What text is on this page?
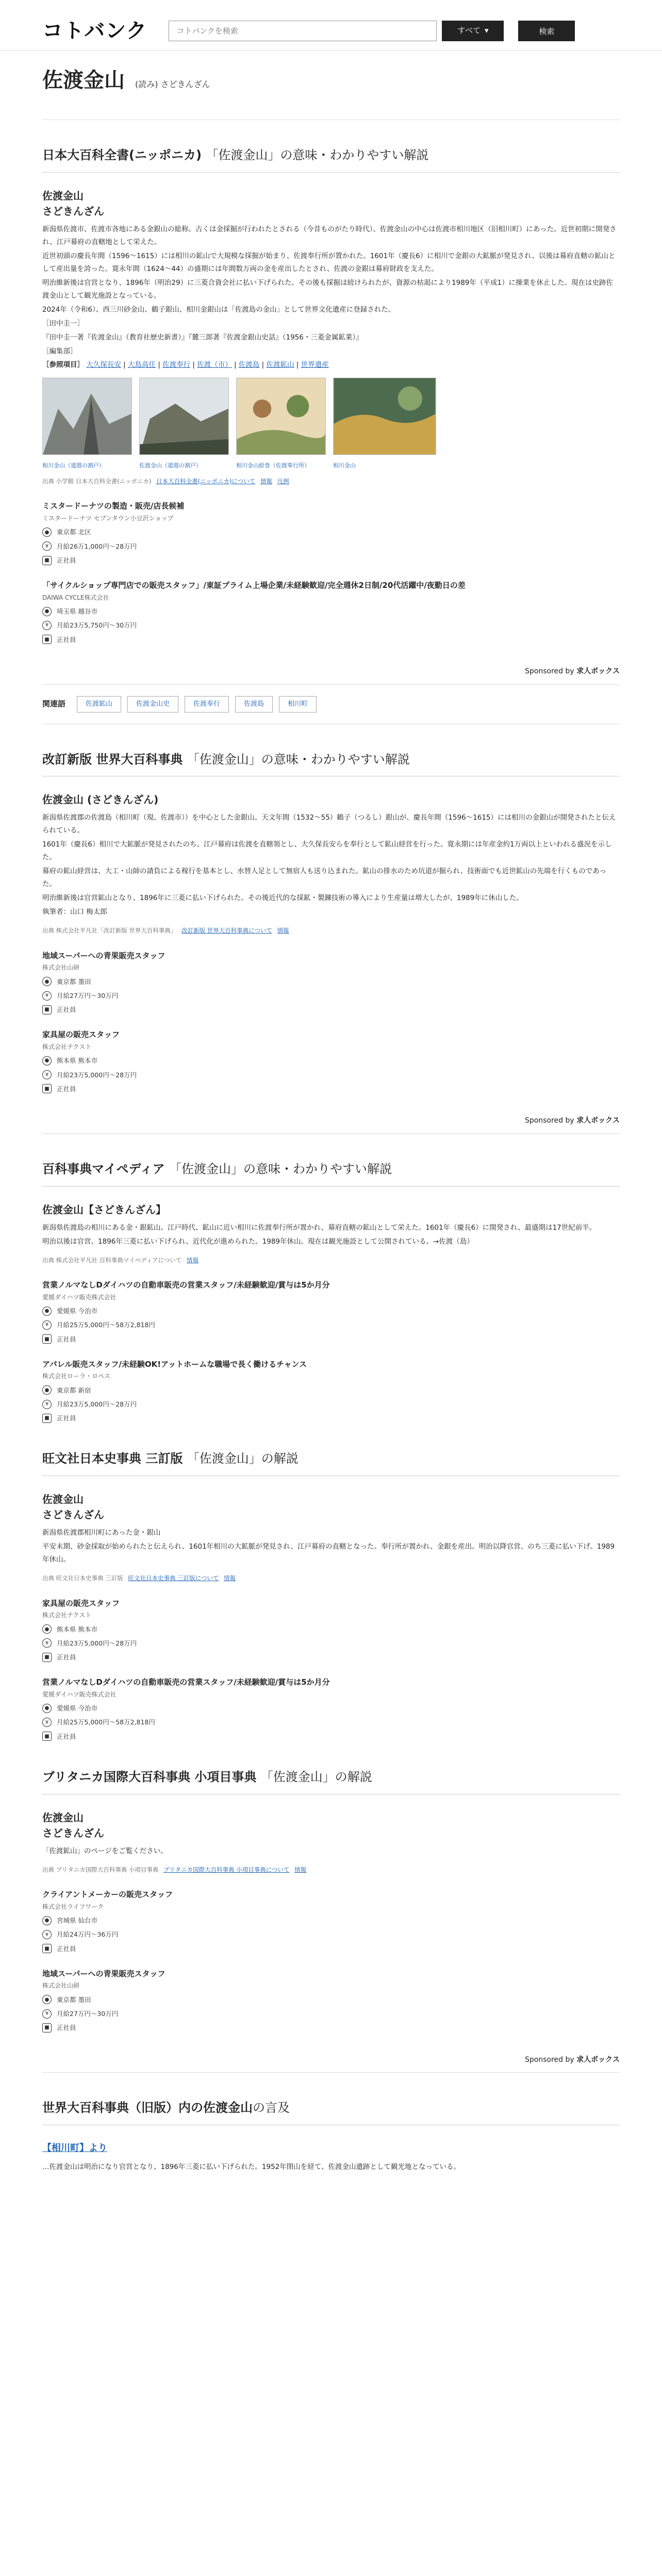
コトバンク
コトバンクを検索	すべて ▾	検索
佐渡金山 (読み) さどきんざん
日本大百科全書(ニッポニカ) 「佐渡金山」の意味・わかりやすい解説
佐渡金山
さどきんざん

新潟県佐渡市、佐渡市各地にある金銀山の総称。古くは金採掘が行われたとされる（今昔ものがたり時代）、佐渡金山の中心は佐渡市相川地区（旧相川町）にあった。近世初期に開発され、江戸幕府の直轄地として栄えた。

近世初頭の慶長年間（1596〜1615）には相川の鉱山で大規模な採掘が始まり、佐渡奉行所が置かれた。1601年（慶長6）に相川で金銀の大鉱脈が発見され、以後は幕府直轄の鉱山として産出量を誇った。寛永年間（1624〜44）の盛期には年間数万両の金を産出したとされ、佐渡の金銀は幕府財政を支えた。

明治維新後は官営となり、1896年（明治29）に三菱合資会社に払い下げられた。その後も採掘は続けられたが、資源の枯渇により1989年（平成1）に操業を休止した。現在は史跡佐渡金山として観光施設となっている。

2024年（令和6）、西三川砂金山、鶴子銀山、相川金銀山は「佐渡島の金山」として世界文化遺産に登録された。

［田中圭一］

『田中圭一著『佐渡金山』（教育社歴史新書）』『麓三郎著『佐渡金銀山史話』（1956・三菱金属鉱業）』

［編集部］

［参照項目］ 大久保長安 | 大島高任 | 佐渡奉行 | 佐渡（市） | 佐渡島 | 佐渡鉱山 | 世界遺産

相川金山（道遊の割戸）	佐渡金山（道遊の割戸）	相川金山絵巻（佐渡奉行所）	相川金山
出典 小学館 日本大百科全書(ニッポニカ) 日本大百科全書(ニッポニカ)について 情報 凡例
ミスタードーナツの製造・販売/店長候補
ミスタードーナツ セブンタウン小豆沢ショップ
●	東京都 北区
¥	月給26万1,000円〜28万円
■	正社員
「サイクルショップ専門店での販売スタッフ」/東証プライム上場企業/未経験歓迎/完全週休2日制/20代活躍中/夜勤日の差
DAIWA CYCLE株式会社
●	埼玉県 越谷市
¥	月給23万5,750円〜30万円
■	正社員
Sponsored by 求人ボックス
関連語	佐渡鉱山	佐渡金山史	佐渡奉行	佐渡島	相川町
改訂新版 世界大百科事典 「佐渡金山」の意味・わかりやすい解説
佐渡金山 (さどきんざん)

新潟県佐渡郡の佐渡島（相川町（現、佐渡市））を中心とした金銀山。天文年間（1532〜55）鶴子（つるし）銀山が、慶長年間（1596〜1615）には相川の金銀山が開発されたと伝えられている。

1601年（慶長6）相川で大鉱脈が発見されたのち、江戸幕府は佐渡を直轄領とし、大久保長安らを奉行として鉱山経営を行った。寛永期には年産金約1万両以上といわれる盛況を示した。

幕府の鉱山経営は、大工・山師の請負による稼行を基本とし、水替人足として無宿人も送り込まれた。鉱山の排水のため坑道が掘られ、技術面でも近世鉱山の先端を行くものであった。

明治維新後は官営鉱山となり、1896年に三菱に払い下げられた。その後近代的な採鉱・製錬技術の導入により生産量は増大したが、1989年に休山した。

執筆者：山口 梅太郎

出典 株式会社平凡社「改訂新版 世界大百科事典」 改訂新版 世界大百科事典について 情報
地域スーパーへの青果販売スタッフ
株式会社山研
●	東京都 墨田
¥	月給27万円〜30万円
■	正社員
家具屋の販売スタッフ
株式会社テクスト
●	熊本県 熊本市
¥	月給23万5,000円〜28万円
■	正社員
Sponsored by 求人ボックス
百科事典マイペディア 「佐渡金山」の意味・わかりやすい解説
佐渡金山【さどきんざん】

新潟県佐渡島の相川にある金・銀鉱山。江戸時代、鉱山に近い相川に佐渡奉行所が置かれ、幕府直轄の鉱山として栄えた。1601年（慶長6）に開発され、最盛期は17世紀前半。

明治以後は官営、1896年三菱に払い下げられ、近代化が進められた。1989年休山。現在は観光施設として公開されている。→佐渡（島）

出典 株式会社平凡社 百科事典マイペディアについて 情報
営業ノルマなしDダイハツの自動車販売の営業スタッフ/未経験歓迎/賞与は5か月分
愛媛ダイハツ販売株式会社
●	愛媛県 今治市
¥	月給25万5,000円〜58万2,818円
■	正社員
アパレル販売スタッフ/未経験OK!アットホームな職場で長く働けるチャンス
株式会社ローラ・ロペス
●	東京都 新宿
¥	月給23万5,000円〜28万円
■	正社員
旺文社日本史事典 三訂版 「佐渡金山」の解説
佐渡金山
さどきんざん

新潟県佐渡郡相川町にあった金・銀山

平安末期、砂金採取が始められたと伝えられ、1601年相川の大鉱脈が発見され、江戸幕府の直轄となった。奉行所が置かれ、金銀を産出。明治以降官営、のち三菱に払い下げ。1989年休山。

出典 旺文社日本史事典 三訂版 旺文社日本史事典 三訂版について 情報
家具屋の販売スタッフ
株式会社テクスト
●	熊本県 熊本市
¥	月給23万5,000円〜28万円
■	正社員
営業ノルマなしDダイハツの自動車販売の営業スタッフ/未経験歓迎/賞与は5か月分
愛媛ダイハツ販売株式会社
●	愛媛県 今治市
¥	月給25万5,000円〜58万2,818円
■	正社員
ブリタニカ国際大百科事典 小項目事典 「佐渡金山」の解説
佐渡金山
さどきんざん

「佐渡鉱山」のページをご覧ください。

出典 ブリタニカ国際大百科事典 小項目事典 ブリタニカ国際大百科事典 小項目事典について 情報
クライアントメーカーの販売スタッフ
株式会社ライフワーク
●	宮城県 仙台市
¥	月給24万円〜36万円
■	正社員
地域スーパーへの青果販売スタッフ
株式会社山研
●	東京都 墨田
¥	月給27万円〜30万円
■	正社員
Sponsored by 求人ボックス
世界大百科事典（旧版）内の佐渡金山の言及
【相川町】より

…佐渡金山は明治になり官営となり、1896年三菱に払い下げられた。1952年閉山を経て、佐渡金山遺跡として観光地となっている。
